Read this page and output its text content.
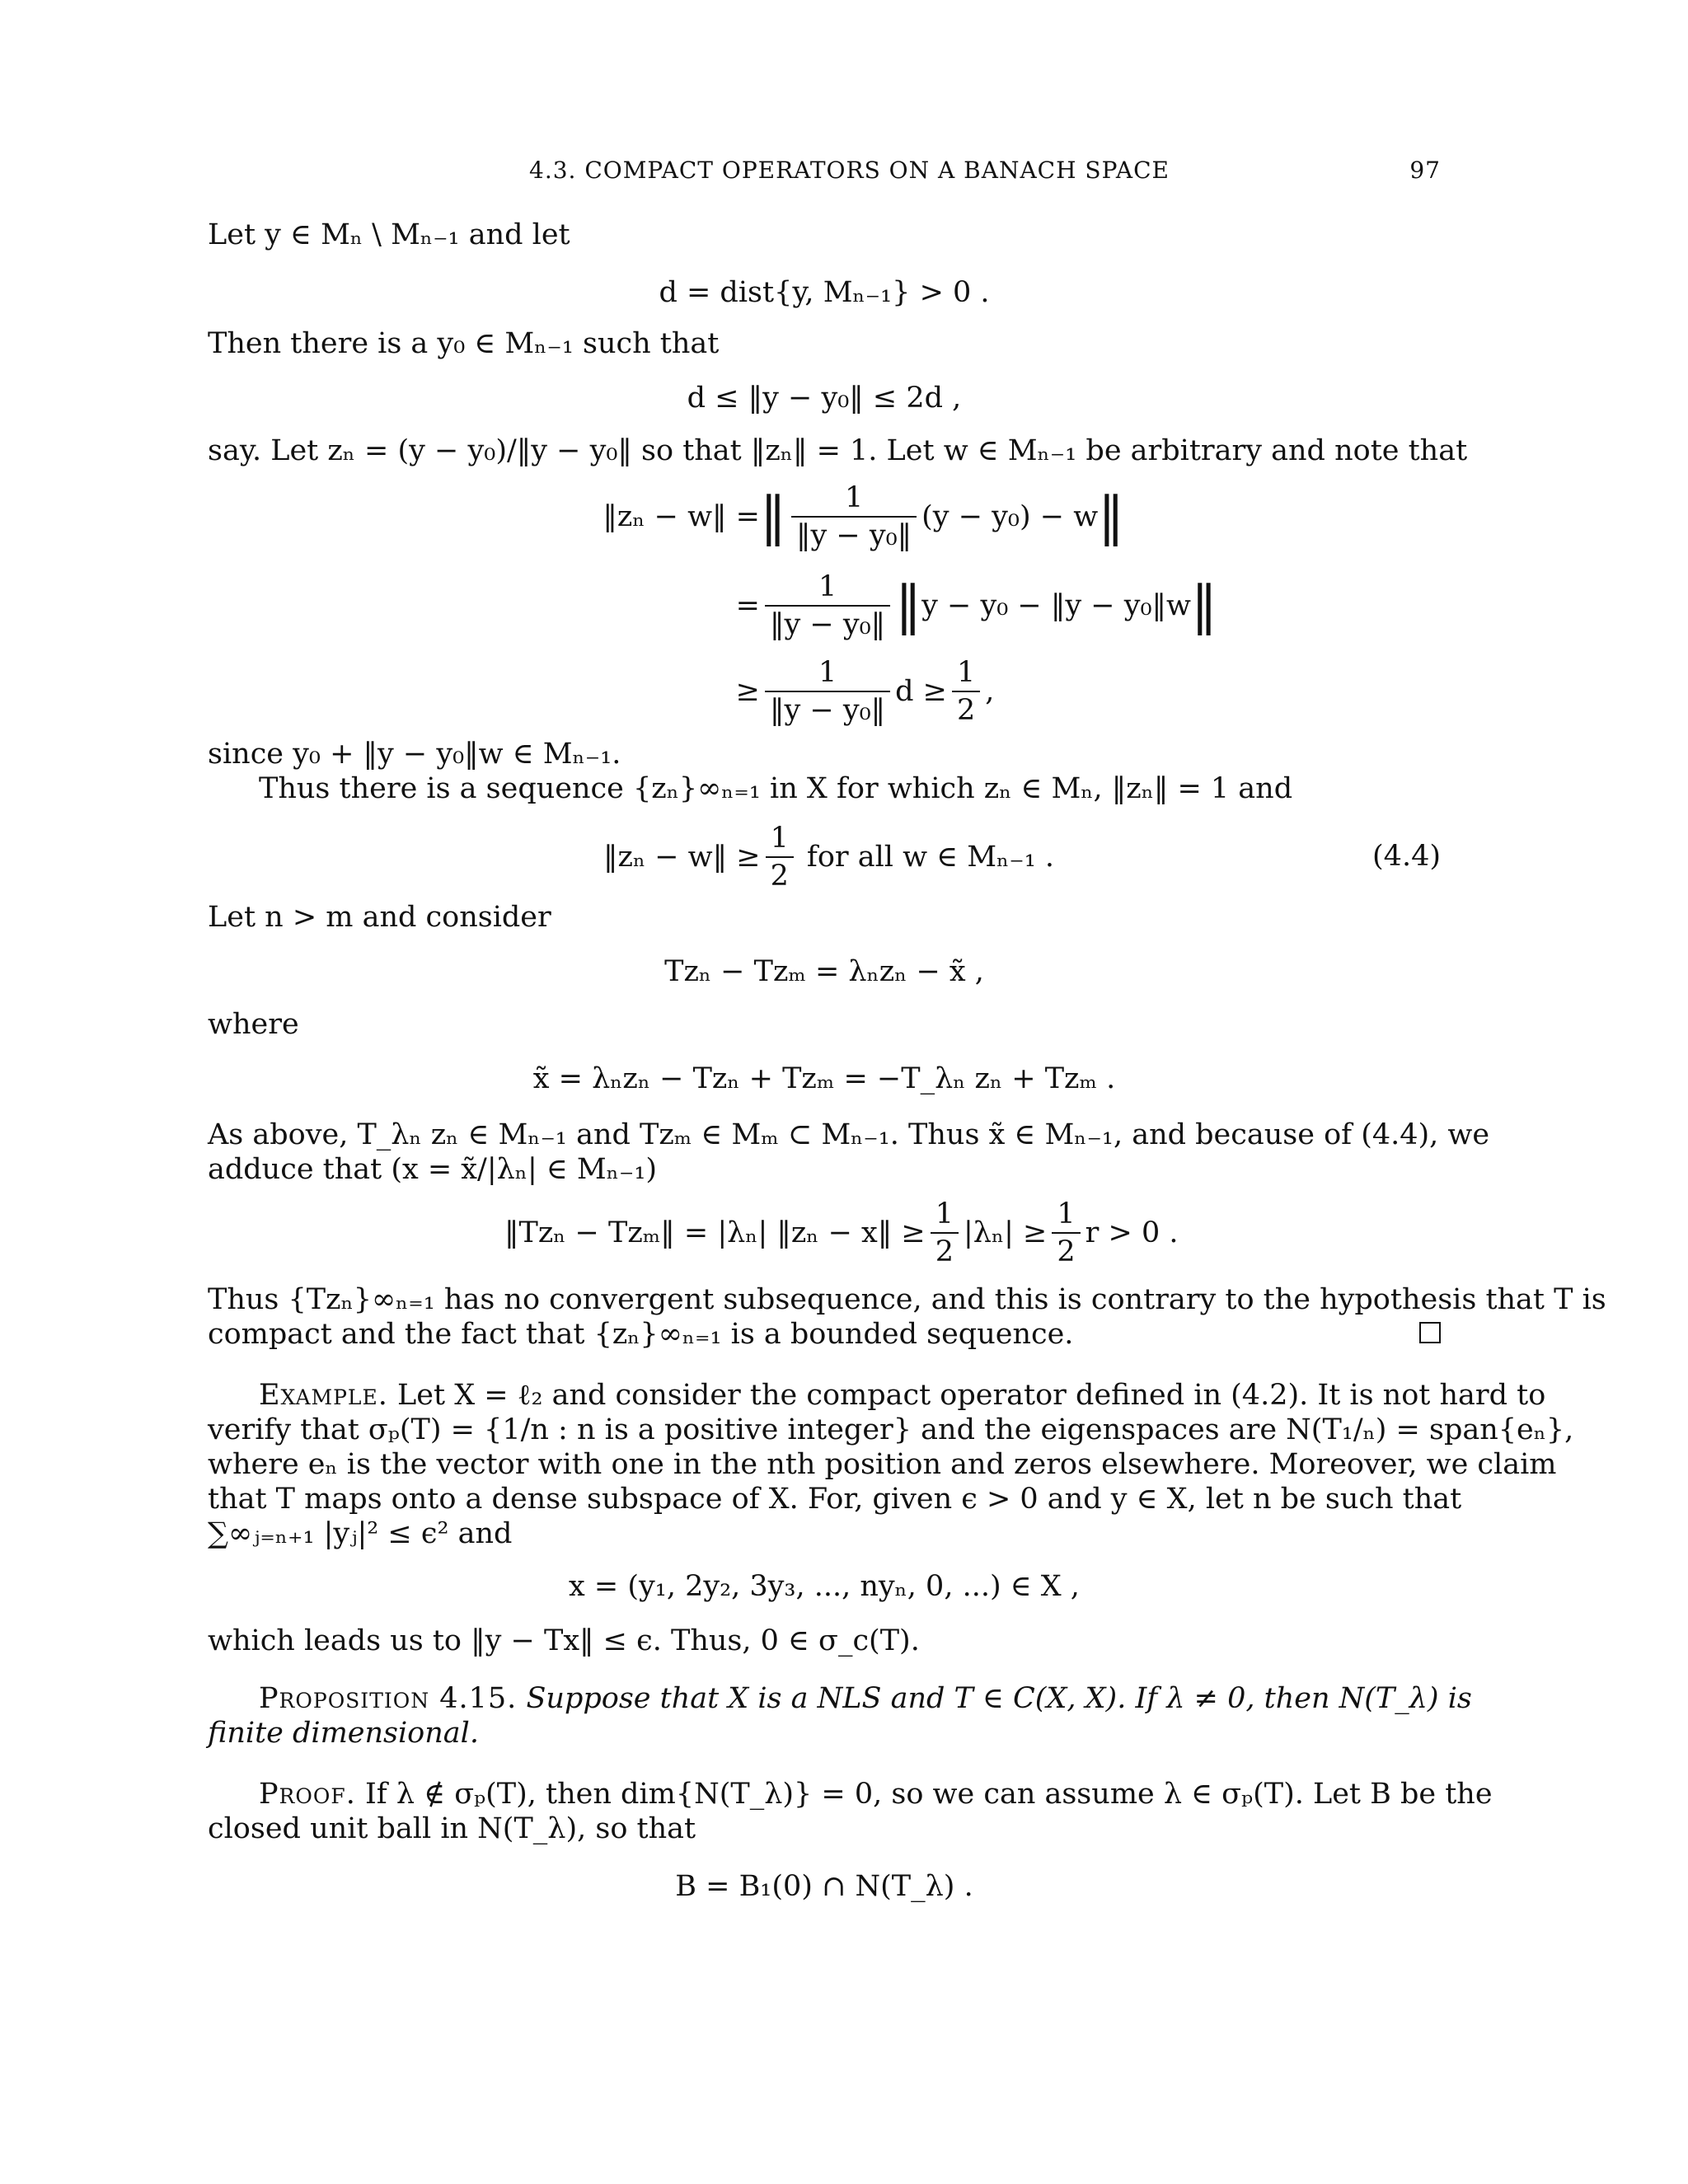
4.3. COMPACT OPERATORS ON A BANACH SPACE	97
Let y ∈ Mₙ \ Mₙ₋₁ and let
d = dist{y, Mₙ₋₁} > 0 .
Then there is a y₀ ∈ Mₙ₋₁ such that
d ≤ ‖y − y₀‖ ≤ 2d ,
say. Let zₙ = (y − y₀)/‖y − y₀‖ so that ‖zₙ‖ = 1. Let w ∈ Mₙ₋₁ be arbitrary and note that
‖zₙ − w‖ = ‖ $\frac{1}{\text{‖y − y₀‖}} (y - y_0) - w$ ‖
= $\frac{1}{\text{‖y − y₀‖}}$ ‖ y − y₀ − ‖y − y₀‖w ‖
≥ $\frac{1}{\text{‖y − y₀‖}}$ $d \ge \frac{1}{2}$ ,
since y₀ + ‖y − y₀‖w ∈ Mₙ₋₁.
Thus there is a sequence {zₙ}∞ₙ₌₁ in X for which zₙ ∈ Mₙ, ‖zₙ‖ = 1 and
‖zₙ − w‖ ≥ $\frac{1}{2}$ for all w ∈ Mₙ₋₁ .	(4.4)
Let n > m and consider
Tzₙ − Tzₘ = λₙzₙ − x̃ ,
where
x̃ = λₙzₙ − Tzₙ + Tzₘ = −T_λₙ zₙ + Tzₘ .
As above, T_λₙ zₙ ∈ Mₙ₋₁ and Tzₘ ∈ Mₘ ⊂ Mₙ₋₁. Thus x̃ ∈ Mₙ₋₁, and because of (4.4), we
adduce that (x = x̃/|λₙ| ∈ Mₙ₋₁)
‖Tzₙ − Tzₘ‖ = |λₙ| ‖zₙ − x‖ ≥ $\frac{1}{2} |\lambda_n| \ge \frac{1}{2}$ r > 0 .
Thus {Tzₙ}∞ₙ₌₁ has no convergent subsequence, and this is contrary to the hypothesis that T is
compact and the fact that {zₙ}∞ₙ₌₁ is a bounded sequence.
Example. Let X = ℓ₂ and consider the compact operator defined in (4.2). It is not hard to
verify that σₚ(T) = {1/n : n is a positive integer} and the eigenspaces are N(T₁/ₙ) = span{eₙ},
where eₙ is the vector with one in the nth position and zeros elsewhere. Moreover, we claim
that T maps onto a dense subspace of X. For, given ϵ > 0 and y ∈ X, let n be such that
∑∞ⱼ₌ₙ₊₁ |yⱼ|² ≤ ϵ² and
x = (y₁, 2y₂, 3y₃, ..., nyₙ, 0, ...) ∈ X ,
which leads us to ‖y − Tx‖ ≤ ϵ. Thus, 0 ∈ σ_c(T).
Proposition 4.15. Suppose that X is a NLS and T ∈ C(X, X). If λ ≠ 0, then N(T_λ) is
finite dimensional.
Proof. If λ ∉ σₚ(T), then dim{N(T_λ)} = 0, so we can assume λ ∈ σₚ(T). Let B be the
closed unit ball in N(T_λ), so that
B = B₁(0) ∩ N(T_λ) .
